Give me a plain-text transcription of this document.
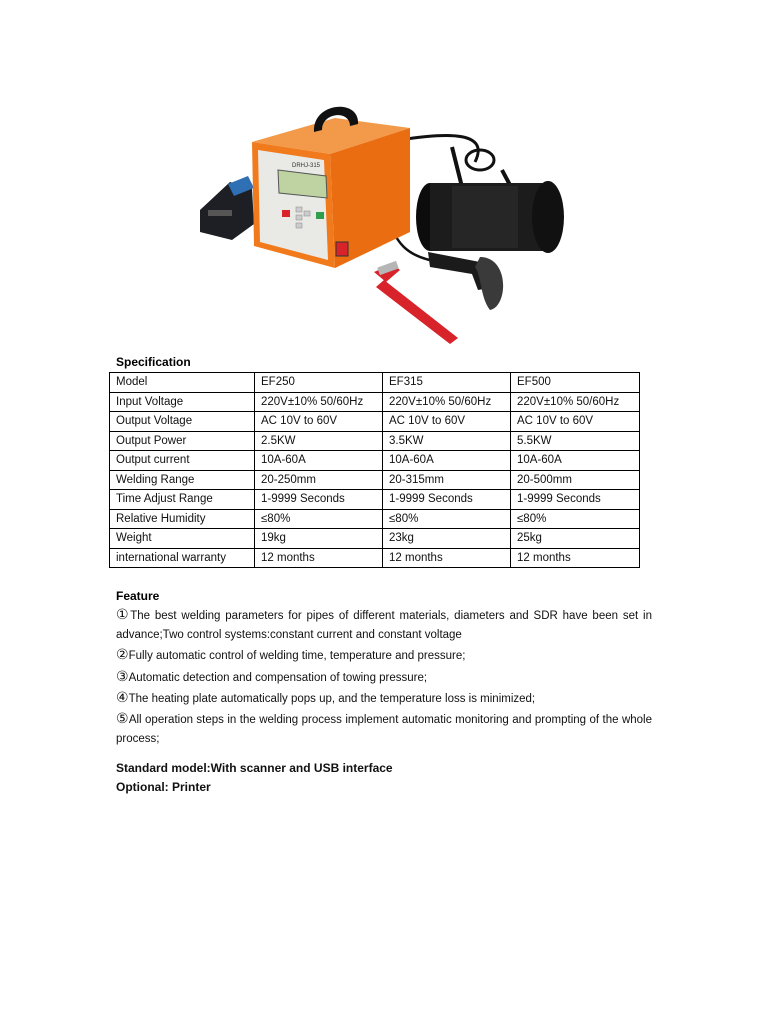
DRHJ-315
Specification
Model	EF250	EF315	EF500
Input Voltage	220V±10% 50/60Hz	220V±10% 50/60Hz	220V±10% 50/60Hz
Output Voltage	AC 10V to 60V	AC 10V to 60V	AC 10V to 60V
Output Power	2.5KW	3.5KW	5.5KW
Output current	10A-60A	10A-60A	10A-60A
Welding Range	20-250mm	20-315mm	20-500mm
Time Adjust Range	1-9999 Seconds	1-9999 Seconds	1-9999 Seconds
Relative Humidity	≤80%	≤80%	≤80%
Weight	19kg	23kg	25kg
international warranty	12 months	12 months	12 months
Feature
①The best welding parameters for pipes of different materials, diameters and SDR have been set in advance;Two control systems:constant current and constant voltage
②Fully automatic control of welding time, temperature and pressure;
③Automatic detection and compensation of towing pressure;
④The heating plate automatically pops up, and the temperature loss is minimized;
⑤All operation steps in the welding process implement automatic monitoring and prompting of the whole process;
Standard model:With scanner and USB interface
Optional: Printer
